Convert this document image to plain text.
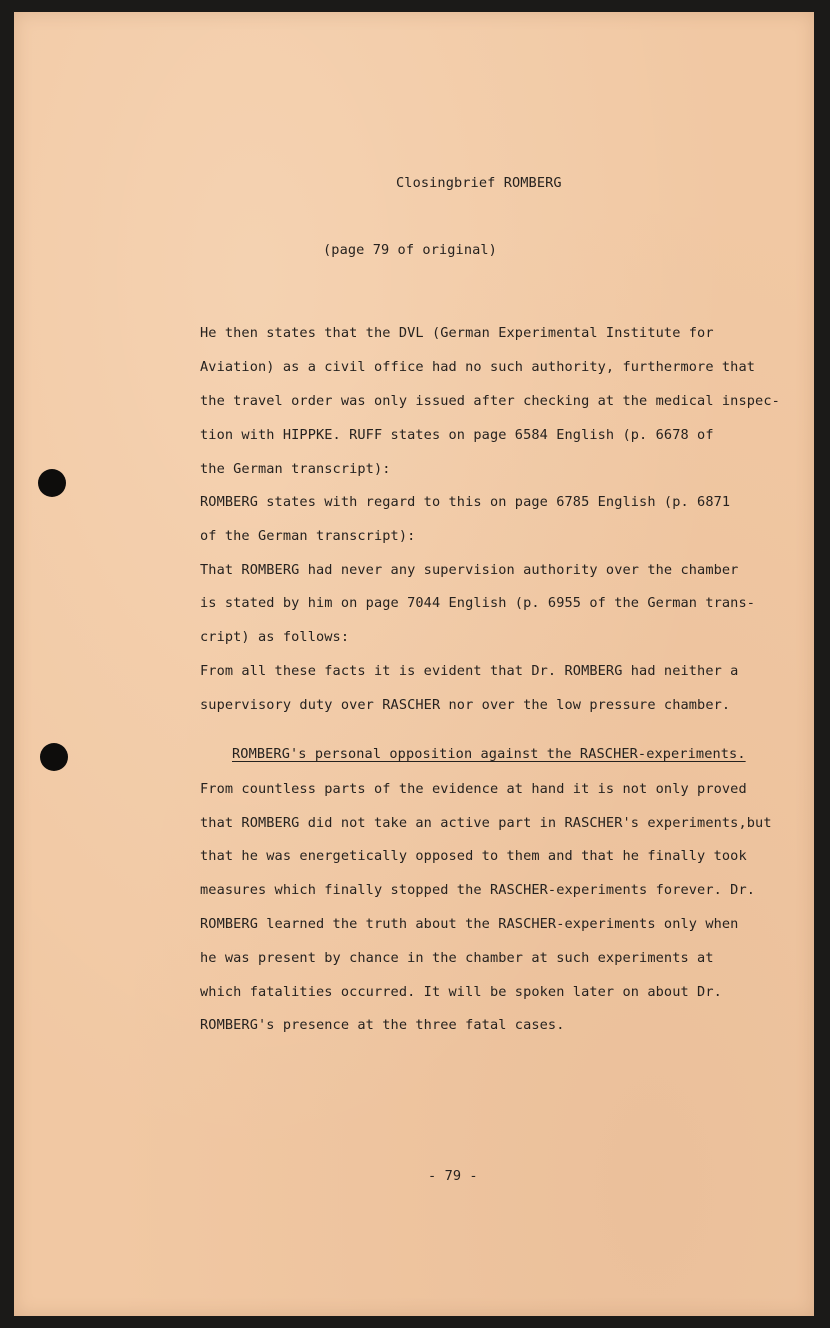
Closingbrief ROMBERG
(page 79 of original)
He then states that the DVL (German Experimental Institute for
Aviation) as a civil office had no such authority, furthermore that
the travel order was only issued after checking at the medical inspec-
tion with HIPPKE. RUFF states on page 6584 English (p. 6678 of
the German transcript):
ROMBERG states with regard to this on page 6785 English (p. 6871
of the German transcript):
That ROMBERG had never any supervision authority over the chamber
is stated by him on page 7044 English (p. 6955 of the German trans-
cript) as follows:
From all these facts it is evident that Dr. ROMBERG had neither a
supervisory duty over RASCHER nor over the low pressure chamber.
ROMBERG's personal opposition against the RASCHER-experiments.
From countless parts of the evidence at hand it is not only proved
that ROMBERG did not take an active part in RASCHER's experiments,but
that he was energetically opposed to them and that he finally took
measures which finally stopped the RASCHER-experiments forever. Dr.
ROMBERG learned the truth about the RASCHER-experiments only when
he was present by chance in the chamber at such experiments at
which fatalities occurred. It will be spoken later on about Dr.
ROMBERG's presence at the three fatal cases.
- 79 -
